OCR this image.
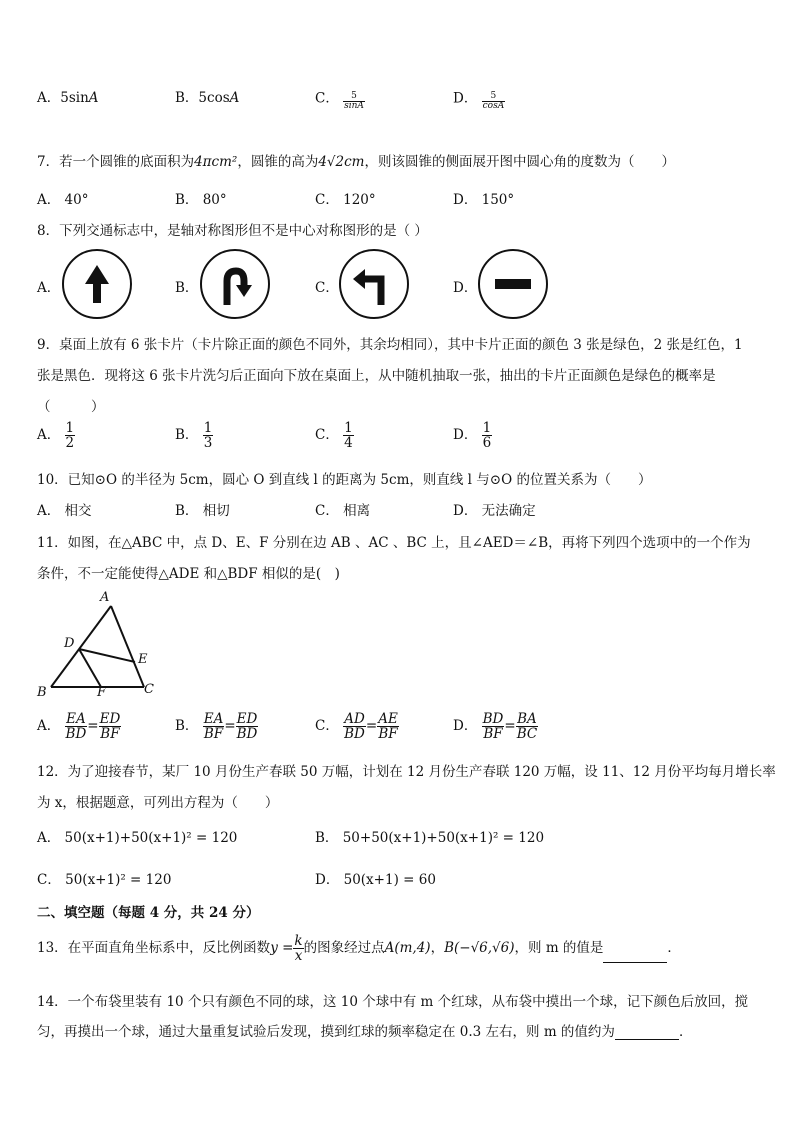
A．5sinA	B．5cosA	C． $\frac{5}{\sin A}$	D． $\frac{5}{\cos A}$
7．若一个圆锥的底面积为4πcm²，圆锥的高为4√2cm，则该圆锥的侧面展开图中圆心角的度数为（　　）
A． 40°	B． 80°	C． 120°	D． 150°
8．下列交通标志中，是轴对称图形但不是中心对称图形的是（ ）
A．	B．	C．	D．
9．桌面上放有 6 张卡片（卡片除正面的颜色不同外，其余均相同），其中卡片正面的颜色 3 张是绿色，2 张是红色，1
张是黑色．现将这 6 张卡片洗匀后正面向下放在桌面上，从中随机抽取一张，抽出的卡片正面颜色是绿色的概率是
（　　　）
A． $\frac{1}{2}$	B． $\frac{1}{3}$	C． $\frac{1}{4}$	D． $\frac{1}{6}$
10．已知⊙O 的半径为 5cm，圆心 O 到直线 l 的距离为 5cm，则直线 l 与⊙O 的位置关系为（　　）
A． 相交	B． 相切	C． 相离	D． 无法确定
11．如图，在△ABC 中，点 D、E、F 分别在边 AB 、AC 、BC 上，且∠AED＝∠B，再将下列四个选项中的一个作为
条件，不一定能使得△ADE 和△BDF 相似的是(　)
A
D
E
B	F	C
A． $\frac{EA}{BD} = \frac{ED}{BF}$	B． $\frac{EA}{BF} = \frac{ED}{BD}$	C． $\frac{AD}{BD} = \frac{AE}{BF}$	D． $\frac{BD}{BF} = \frac{BA}{BC}$
12．为了迎接春节，某厂 10 月份生产春联 50 万幅，计划在 12 月份生产春联 120 万幅，设 11、12 月份平均每月增长率
为 x，根据题意，可列出方程为（　　）
A． 50(x+1)+50(x+1)² = 120	B． 50+50(x+1)+50(x+1)² = 120
C． 50(x+1)² = 120	D． 50(x+1) = 60
二、填空题（每题 4 分，共 24 分）
13．在平面直角坐标系中，反比例函数$y = \frac{k}{x}$ 的图象经过点A(m,4)，B(−√6,√6)，则 m 的值是	．
14．一个布袋里装有 10 个只有颜色不同的球，这 10 个球中有 m 个红球，从布袋中摸出一个球，记下颜色后放回，搅
匀，再摸出一个球，通过大量重复试验后发现，摸到红球的频率稳定在 0.3 左右，则 m 的值约为	．
